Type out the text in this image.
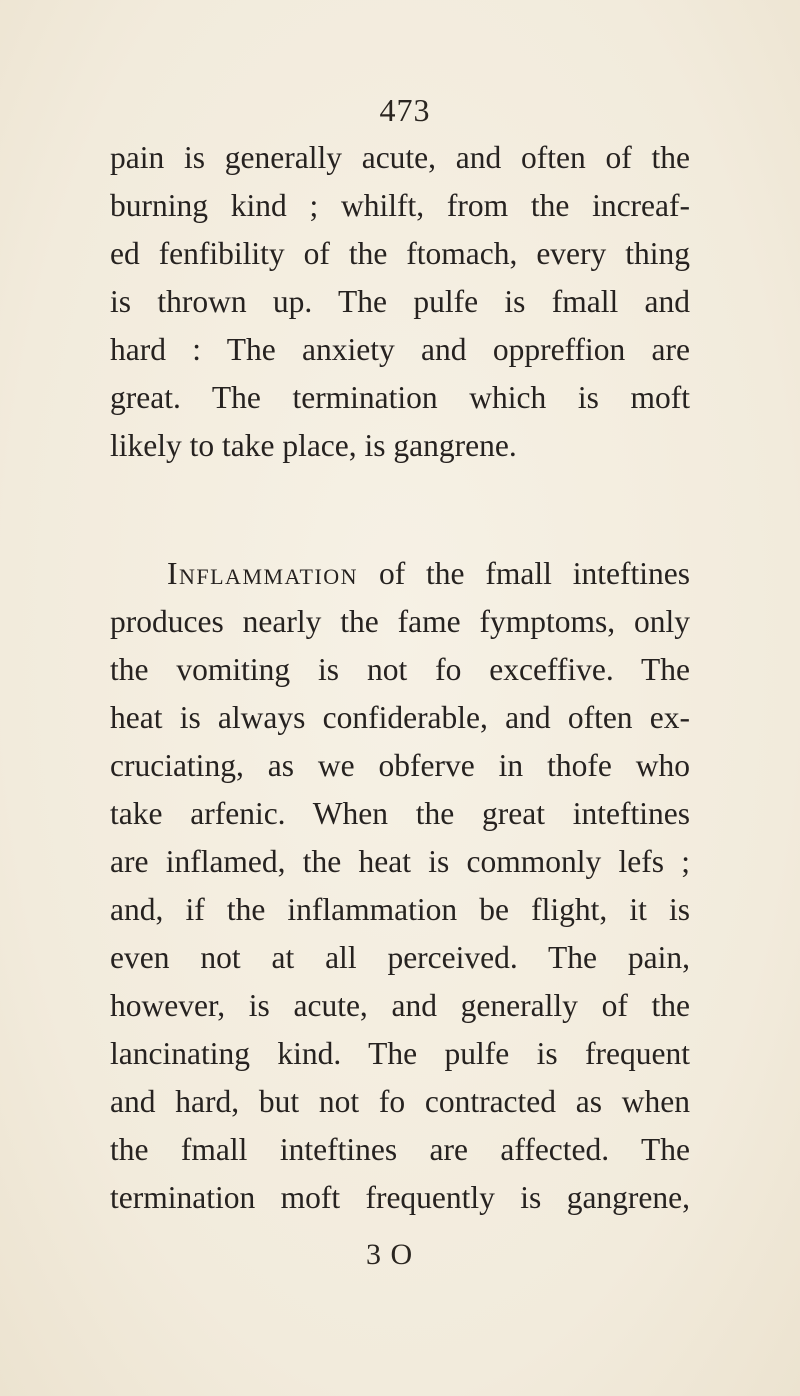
473
pain is generally acute, and often of the
burning kind ; whilft, from the increaf-
ed fenfibility of the ftomach, every thing
is thrown up. The pulfe is fmall and
hard : The anxiety and oppreffion are
great. The termination which is moft
likely to take place, is gangrene.
Inflammation of the fmall inteftines
produces nearly the fame fymptoms, only
the vomiting is not fo exceffive. The
heat is always confiderable, and often ex-
cruciating, as we obferve in thofe who
take arfenic. When the great inteftines
are inflamed, the heat is commonly lefs ;
and, if the inflammation be flight, it is
even not at all perceived. The pain,
however, is acute, and generally of the
lancinating kind. The pulfe is frequent
and hard, but not fo contracted as when
the fmall inteftines are affected. The
termination moft frequently is gangrene,
3 O
